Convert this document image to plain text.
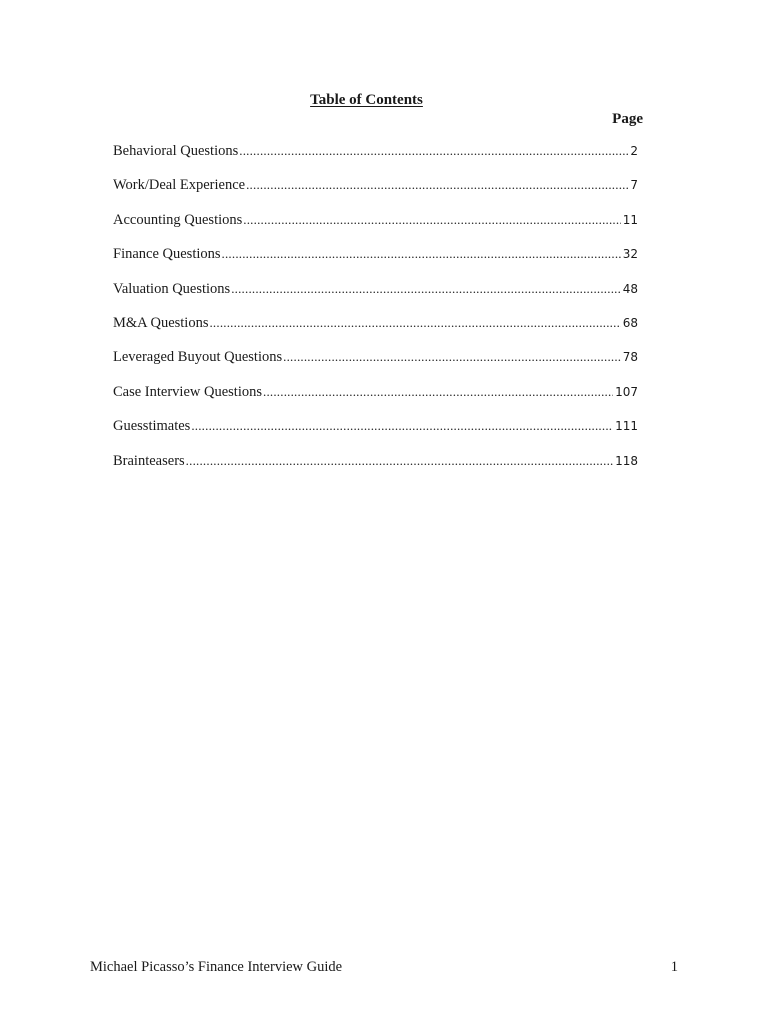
Table of Contents
Page
Behavioral Questions .....	2
Work/Deal Experience .....	7
Accounting Questions .....	11
Finance Questions .....	32
Valuation Questions .....	48
M&A Questions .....	68
Leveraged Buyout Questions .....	78
Case Interview Questions .....	107
Guesstimates .....	111
Brainteasers .....	118
Michael Picasso’s Finance Interview Guide	1
